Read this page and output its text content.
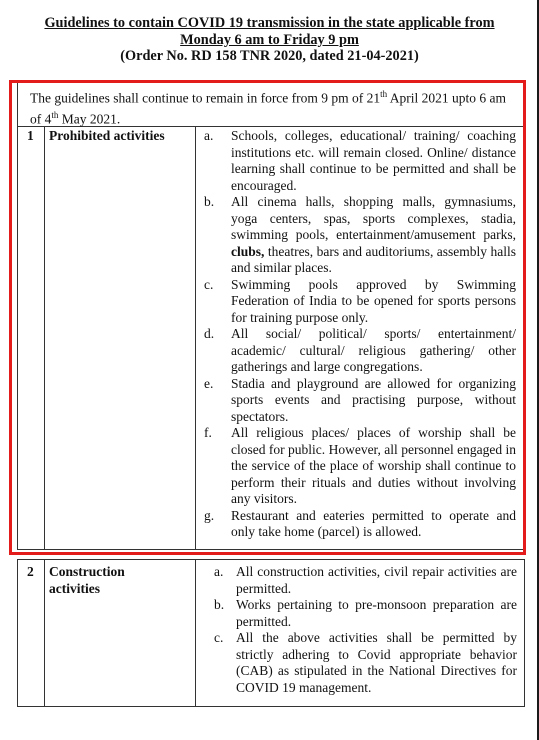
Guidelines to contain COVID 19 transmission in the state applicable from
Monday 6 am to Friday 9 pm
(Order No. RD 158 TNR 2020, dated 21-04-2021)
The guidelines shall continue to remain in force from 9 pm of 21th April 2021 upto 6 am of 4th May 2021.
1 Prohibited activities	a.	Schools, colleges, educational/ training/ coaching institutions etc. will remain closed. Online/ distance learning shall continue to be permitted and shall be encouraged.
b.	All cinema halls, shopping malls, gymnasiums, yoga centers, spas, sports complexes, stadia, swimming pools, entertainment/amusement parks, clubs, theatres, bars and auditoriums, assembly halls and similar places.
c.	Swimming pools approved by Swimming Federation of India to be opened for sports persons for training purpose only.
d.	All social/ political/ sports/ entertainment/ academic/ cultural/ religious gathering/ other gatherings and large congregations.
e.	Stadia and playground are allowed for organizing sports events and practising purpose, without spectators.
f.	All religious places/ places of worship shall be closed for public. However, all personnel engaged in the service of the place of worship shall continue to perform their rituals and duties without involving any visitors.
g.	Restaurant and eateries permitted to operate and only take home (parcel) is allowed.
2 Construction activities
a. All construction activities, civil repair activities are permitted.
b. Works pertaining to pre-monsoon preparation are permitted.
c. All the above activities shall be permitted by strictly adhering to Covid appropriate behavior (CAB) as stipulated in the National Directives for COVID 19 management.
